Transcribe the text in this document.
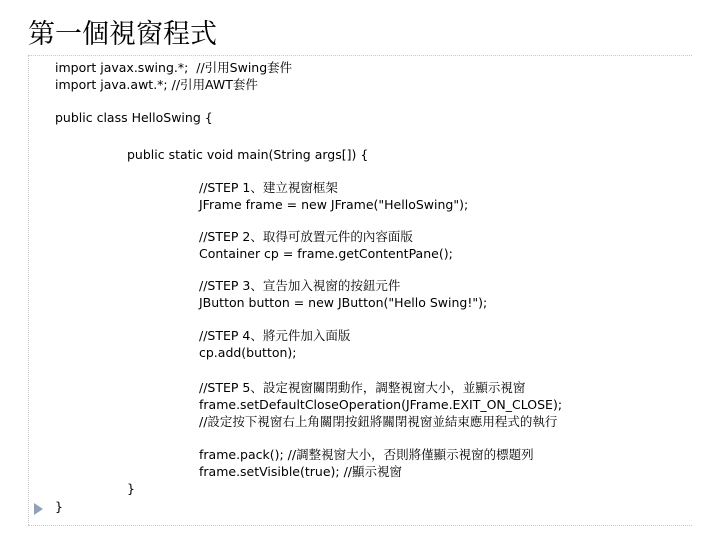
第一個視窗程式
import javax.swing.*;  //引用Swing套件
import java.awt.*; //引用AWT套件
public class HelloSwing {
public static void main(String args[]) {
//STEP 1、建立視窗框架
JFrame frame = new JFrame("HelloSwing");
//STEP 2、取得可放置元件的內容面版
Container cp = frame.getContentPane();
//STEP 3、宣告加入視窗的按鈕元件
JButton button = new JButton("Hello Swing!");
//STEP 4、將元件加入面版
cp.add(button);
//STEP 5、設定視窗關閉動作，調整視窗大小，並顯示視窗
frame.setDefaultCloseOperation(JFrame.EXIT_ON_CLOSE);
//設定按下視窗右上角關閉按鈕將關閉視窗並結束應用程式的執行
frame.pack(); //調整視窗大小，否則將僅顯示視窗的標題列
frame.setVisible(true); //顯示視窗
}
}
